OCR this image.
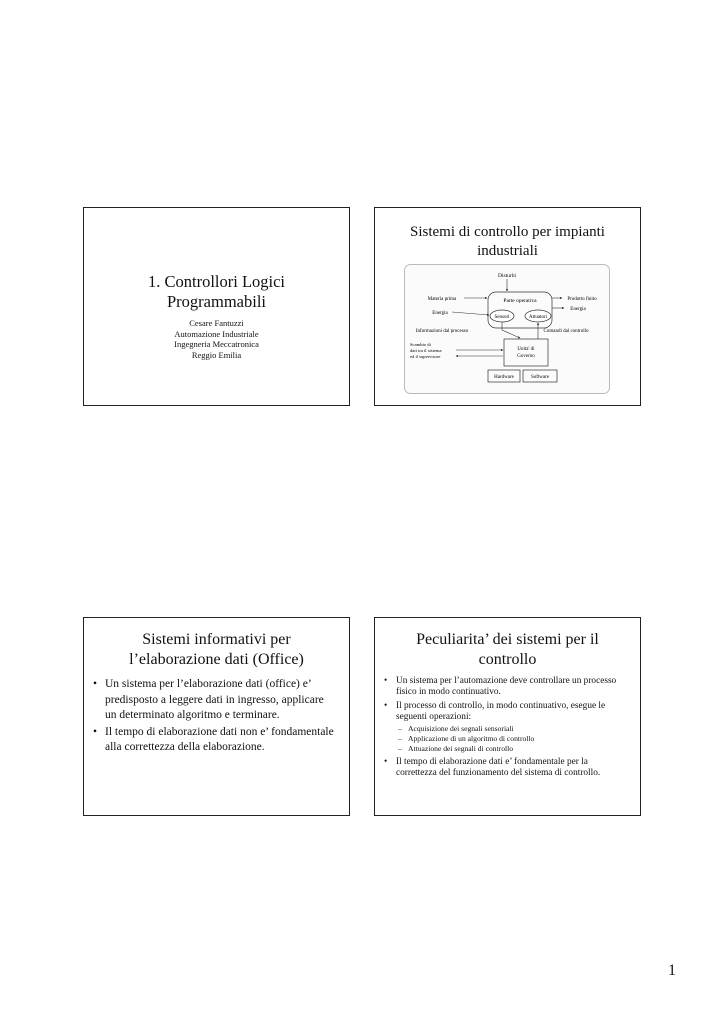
1. Controllori Logici
Programmabili
Cesare Fantuzzi
Automazione Industriale
Ingegneria Meccatronica
Reggio Emilia
Sistemi di controllo per impianti
industriali
Disturbi
Parte operativa
Sensori	Attuatori
Materia prima
Energia
Prodotto finito
Energia
Informazioni dal processo	Comandi dal controllo
Unita' di
Governo
Scambio di
dati tra il sistema
ed il supervisore
Hardware	Software
Sistemi informativi per
l’elaborazione dati (Office)
• Un sistema per l’elaborazione dati (office) e’ predisposto a leggere dati in ingresso, applicare un determinato algoritmo e terminare.
• Il tempo di elaborazione dati non e’ fondamentale alla correttezza della elaborazione.
Peculiarita’ dei sistemi per il
controllo
• Un sistema per l’automazione deve controllare un processo fisico in modo continuativo.
• Il processo di controllo, in modo continuativo, esegue le seguenti operazioni:
– Acquisizione dei segnali sensoriali
– Applicazione di un algoritmo di controllo
– Attuazione dei segnali di controllo
• Il tempo di elaborazione dati e’ fondamentale per la correttezza del funzionamento del sistema di controllo.
1
